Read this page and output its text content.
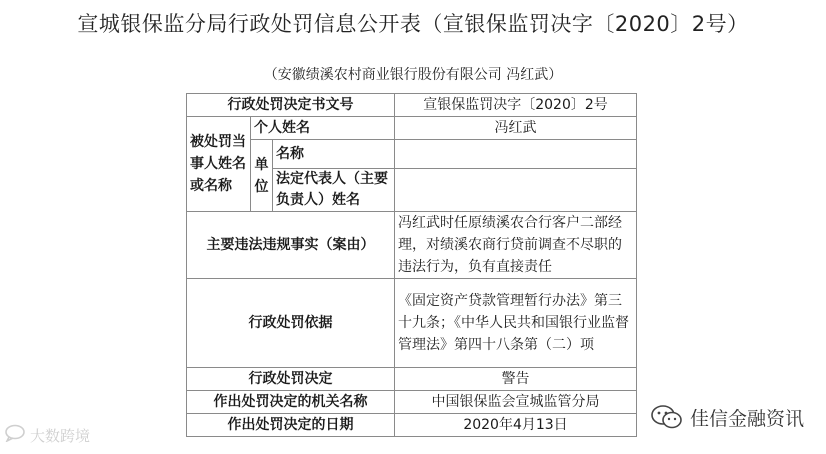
宣城银保监分局行政处罚信息公开表（宣银保监罚决字〔2020〕2号）
（安徽绩溪农村商业银行股份有限公司 冯红武）
行政处罚决定书文号			宣银保监罚决字〔2020〕2号
被处罚当事人姓名或名称	个人姓名		冯红武
	单位	名称	
		法定代表人（主要负责人）姓名	

主要违法违规事实（案由）			冯红武时任原绩溪农合行客户二部经理，对绩溪农商行贷前调查不尽职的违法行为，负有直接责任
行政处罚依据			《固定资产贷款管理暂行办法》第三十九条；《中华人民共和国银行业监督管理法》第四十八条第（二）项
行政处罚决定			警告
作出处罚决定的机关名称			中国银保监会宣城监管分局
作出处罚决定的日期			2020年4月13日
大数跨境
佳信金融资讯
